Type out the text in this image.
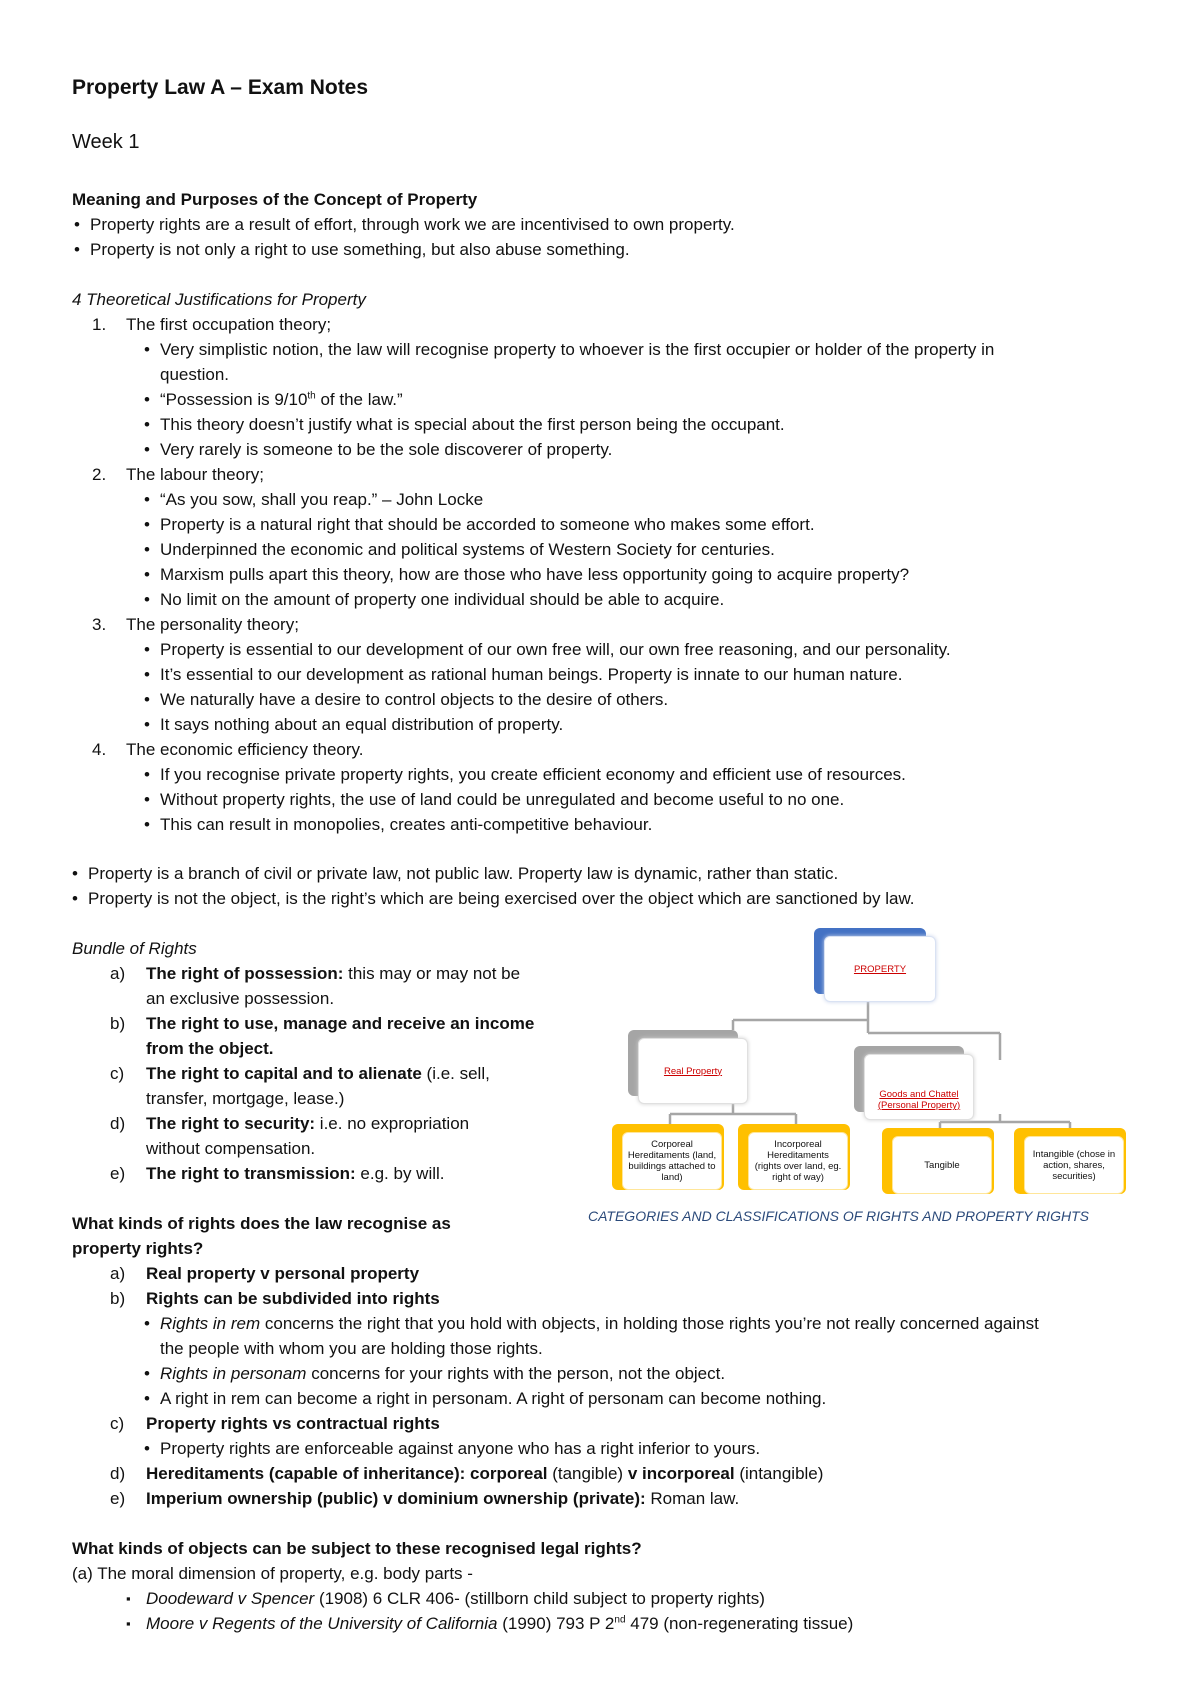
Property Law A – Exam Notes

Week 1

Meaning and Purposes of the Concept of Property

• Property rights are a result of effort, through work we are incentivised to own property.

• Property is not only a right to use something, but also abuse something.

4 Theoretical Justifications for Property

1. The first occupation theory;

• Very simplistic notion, the law will recognise property to whoever is the first occupier or holder of the property in

question.

• “Possession is 9/10th of the law.”

• This theory doesn’t justify what is special about the first person being the occupant.

• Very rarely is someone to be the sole discoverer of property.

2. The labour theory;

• “As you sow, shall you reap.” – John Locke

• Property is a natural right that should be accorded to someone who makes some effort.

• Underpinned the economic and political systems of Western Society for centuries.

• Marxism pulls apart this theory, how are those who have less opportunity going to acquire property?

• No limit on the amount of property one individual should be able to acquire.

3. The personality theory;

• Property is essential to our development of our own free will, our own free reasoning, and our personality.

• It’s essential to our development as rational human beings. Property is innate to our human nature.

• We naturally have a desire to control objects to the desire of others.

• It says nothing about an equal distribution of property.

4. The economic efficiency theory.

• If you recognise private property rights, you create efficient economy and efficient use of resources.

• Without property rights, the use of land could be unregulated and become useful to no one.

• This can result in monopolies, creates anti-competitive behaviour.

• Property is a branch of civil or private law, not public law. Property law is dynamic, rather than static.

• Property is not the object, is the right’s which are being exercised over the object which are sanctioned by law.

Bundle of Rights

a) The right of possession: this may or may not be

an exclusive possession.

b) The right to use, manage and receive an income

from the object.

c) The right to capital and to alienate (i.e. sell,

transfer, mortgage, lease.)

d) The right to security: i.e. no expropriation

without compensation.

e) The right to transmission: e.g. by will.

PROPERTY
Real Property
Goods and Chattel
(Personal Property)
Corporeal Hereditaments (land, buildings attached to land)
Incorporeal Hereditaments (rights over land, eg. right of way)
Tangible
Intangible (chose in action, shares, securities)

CATEGORIES AND CLASSIFICATIONS OF RIGHTS AND PROPERTY RIGHTS

What kinds of rights does the law recognise as

property rights?

a) Real property v personal property

b) Rights can be subdivided into rights

• Rights in rem concerns the right that you hold with objects, in holding those rights you’re not really concerned against

the people with whom you are holding those rights.

• Rights in personam concerns for your rights with the person, not the object.

• A right in rem can become a right in personam. A right of personam can become nothing.

c) Property rights vs contractual rights

• Property rights are enforceable against anyone who has a right inferior to yours.

d) Hereditaments (capable of inheritance): corporeal (tangible) v incorporeal (intangible)

e) Imperium ownership (public) v dominium ownership (private): Roman law.

What kinds of objects can be subject to these recognised legal rights?

(a) The moral dimension of property, e.g. body parts -

▪ Doodeward v Spencer (1908) 6 CLR 406- (stillborn child subject to property rights)

▪ Moore v Regents of the University of California (1990) 793 P 2nd 479 (non-regenerating tissue)
